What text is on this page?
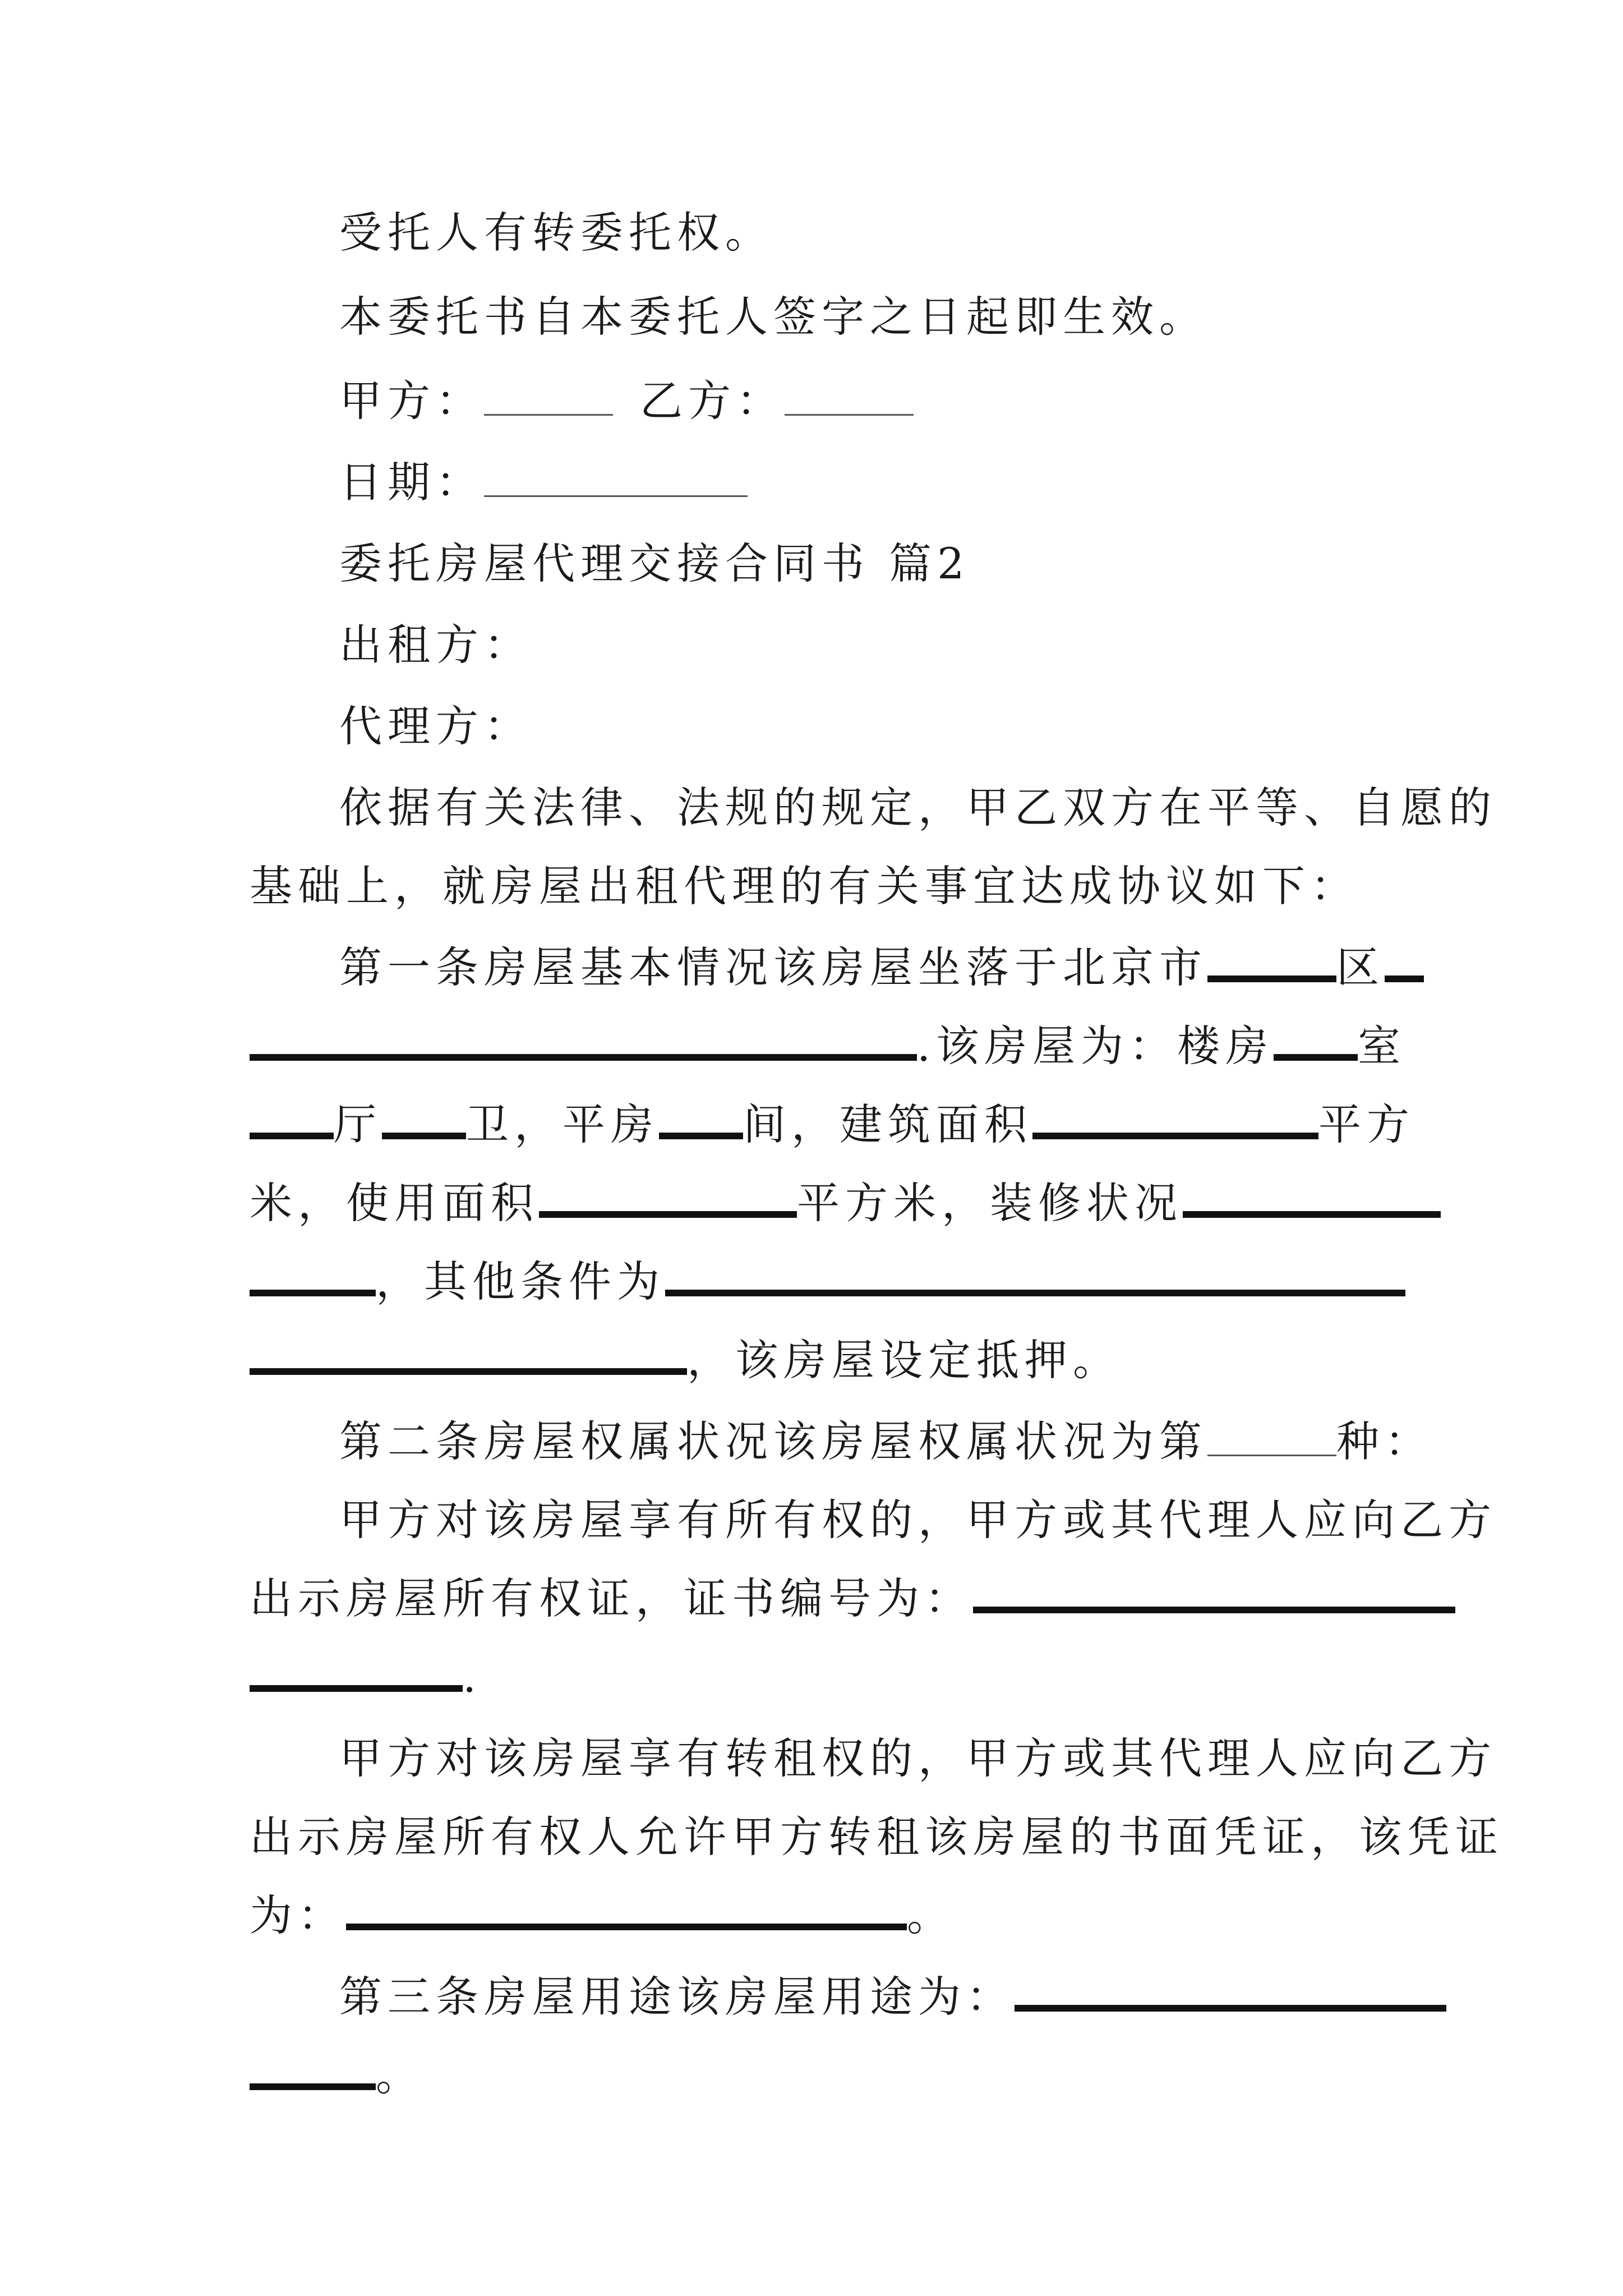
受托人有转委托权。

本委托书自本委托人签字之日起即生效。

甲方：	乙方：

日期：

委托房屋代理交接合同书 篇2

出租方：

代理方：

依据有关法律、法规的规定，甲乙双方在平等、自愿的

基础上，就房屋出租代理的有关事宜达成协议如下：

第一条房屋基本情况该房屋坐落于北京市	区

.该房屋为：楼房 室

厅 卫，平房 间，建筑面积	平方

米，使用面积	平方米，装修状况

，其他条件为

，该房屋设定抵押。

第二条房屋权属状况该房屋权属状况为第	种：

甲方对该房屋享有所有权的，甲方或其代理人应向乙方

出示房屋所有权证，证书编号为：

.

甲方对该房屋享有转租权的，甲方或其代理人应向乙方

出示房屋所有权人允许甲方转租该房屋的书面凭证，该凭证

为：	。

第三条房屋用途该房屋用途为：

。
